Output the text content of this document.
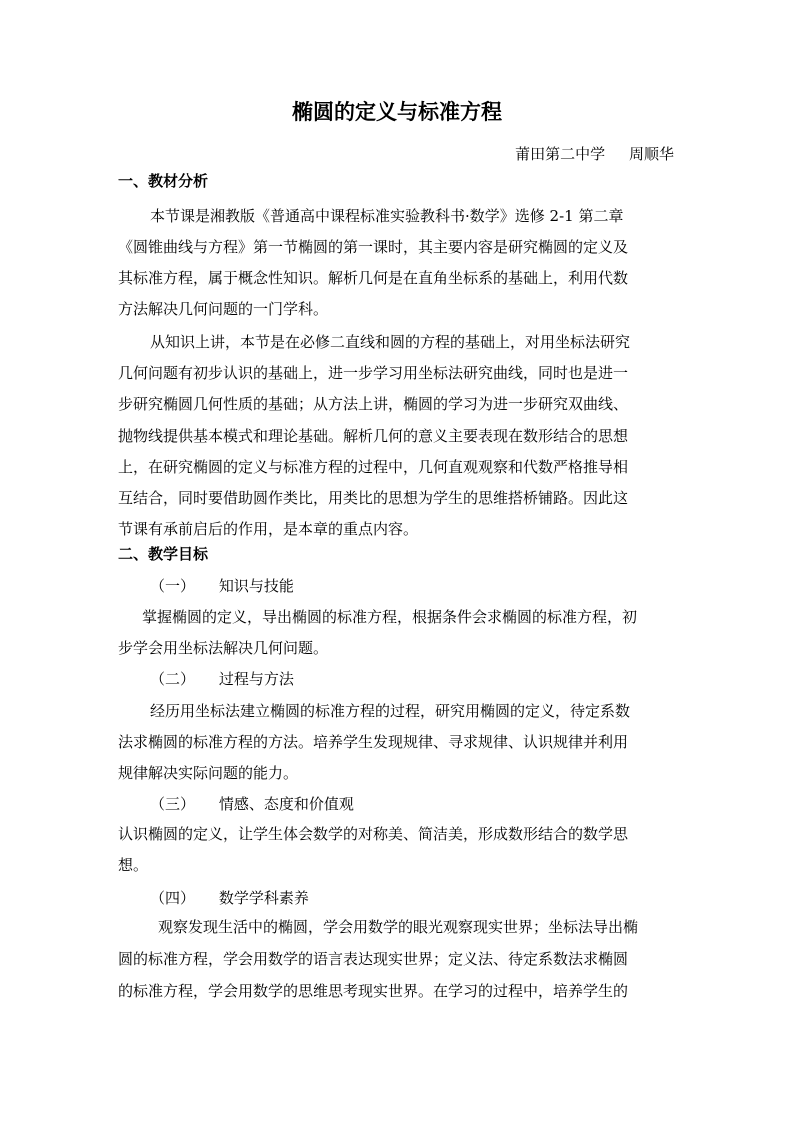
椭圆的定义与标准方程
莆田第二中学     周顺华
一、教材分析
本节课是湘教版《普通高中课程标准实验教科书·数学》选修 2-1 第二章
《圆锥曲线与方程》第一节椭圆的第一课时，其主要内容是研究椭圆的定义及
其标准方程，属于概念性知识。解析几何是在直角坐标系的基础上，利用代数
方法解决几何问题的一门学科。
从知识上讲，本节是在必修二直线和圆的方程的基础上，对用坐标法研究
几何问题有初步认识的基础上，进一步学习用坐标法研究曲线，同时也是进一
步研究椭圆几何性质的基础；从方法上讲，椭圆的学习为进一步研究双曲线、
抛物线提供基本模式和理论基础。解析几何的意义主要表现在数形结合的思想
上，在研究椭圆的定义与标准方程的过程中，几何直观观察和代数严格推导相
互结合，同时要借助圆作类比，用类比的思想为学生的思维搭桥铺路。因此这
节课有承前启后的作用，是本章的重点内容。
二、教学目标
（一）     知识与技能
掌握椭圆的定义，导出椭圆的标准方程，根据条件会求椭圆的标准方程，初
步学会用坐标法解决几何问题。
（二）     过程与方法
经历用坐标法建立椭圆的标准方程的过程，研究用椭圆的定义，待定系数
法求椭圆的标准方程的方法。培养学生发现规律、寻求规律、认识规律并利用
规律解决实际问题的能力。
（三）     情感、态度和价值观
认识椭圆的定义，让学生体会数学的对称美、简洁美，形成数形结合的数学思
想。
（四）     数学学科素养
观察发现生活中的椭圆，学会用数学的眼光观察现实世界；坐标法导出椭
圆的标准方程，学会用数学的语言表达现实世界；定义法、待定系数法求椭圆
的标准方程，学会用数学的思维思考现实世界。在学习的过程中，培养学生的
